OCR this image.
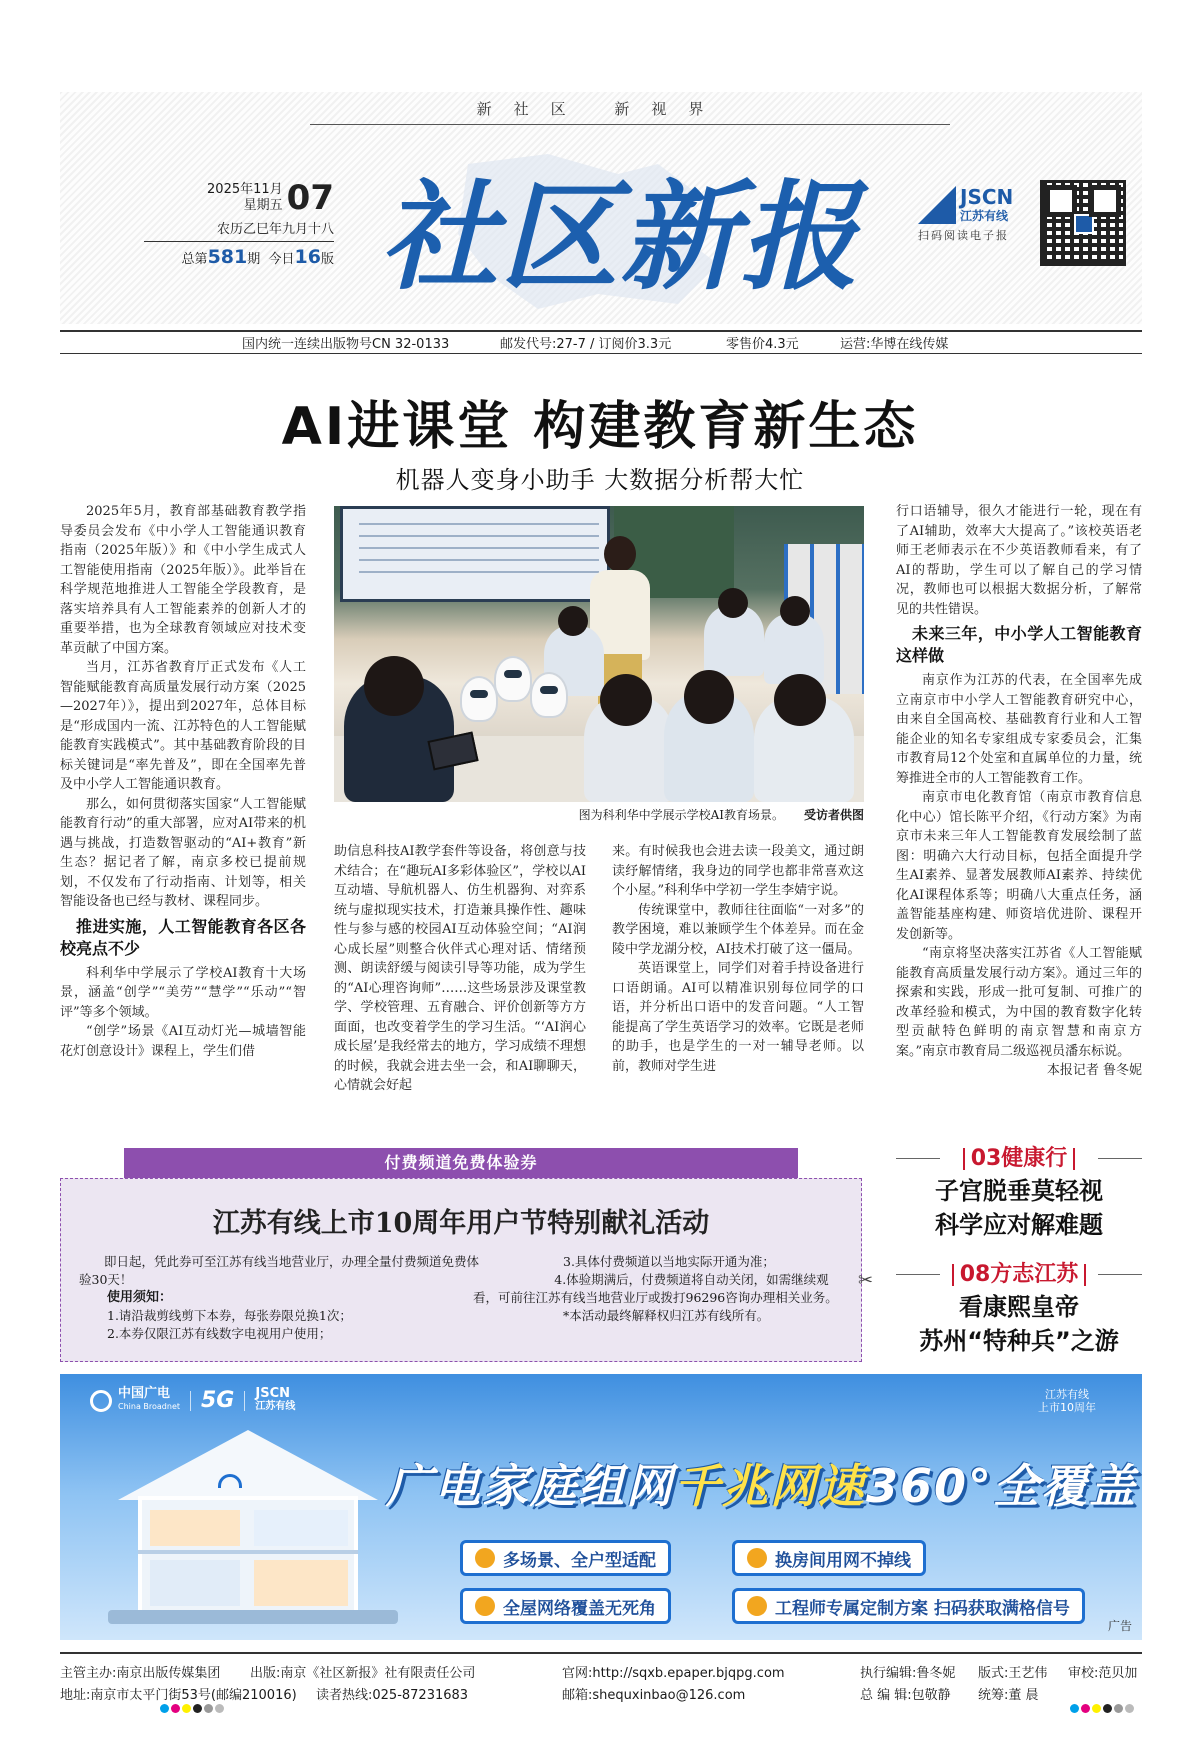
新社区 新视界
2025年11月
星期五 07
农历乙巳年九月十八
总第581期 今日16版 社区新报	JSCN
江苏有线
扫码阅读电子报
国内统一连续出版物号CN 32-0133	邮发代号:27-7 / 订阅价3.3元	零售价4.3元	运营:华博在线传媒
AI进课堂 构建教育新生态
机器人变身小助手 大数据分析帮大忙

2025年5月，教育部基础教育教学指导委员会发布《中小学人工智能通识教育指南（2025年版）》和《中小学生成式人工智能使用指南（2025年版）》。此举旨在科学规范地推进人工智能全学段教育，是落实培养具有人工智能素养的创新人才的重要举措，也为全球教育领域应对技术变革贡献了中国方案。

当月，江苏省教育厅正式发布《人工智能赋能教育高质量发展行动方案（2025—2027年）》，提出到2027年，总体目标是“形成国内一流、江苏特色的人工智能赋能教育实践模式”。其中基础教育阶段的目标关键词是“率先普及”，即在全国率先普及中小学人工智能通识教育。

那么，如何贯彻落实国家“人工智能赋能教育行动”的重大部署，应对AI带来的机遇与挑战，打造数智驱动的“AI+教育”新生态？据记者了解，南京多校已提前规划，不仅发布了行动指南、计划等，相关智能设备也已经与教材、课程同步。

推进实施，人工智能教育各区各校亮点不少

科利华中学展示了学校AI教育十大场景，涵盖“创学”“美劳”“慧学”“乐动”“智评”等多个领域。

“创学”场景《AI互动灯光—城墙智能花灯创意设计》课程上，学生们借

图为科利华中学展示学校AI教育场景。 受访者供图
助信息科技AI教学套件等设备，将创意与技术结合；在“趣玩AI多彩体验区”，学校以AI互动墙、导航机器人、仿生机器狗、对弈系统与虚拟现实技术，打造兼具操作性、趣味性与参与感的校园AI互动体验空间；“AI润心成长屋”则整合伙伴式心理对话、情绪预测、朗读舒缓与阅读引导等功能，成为学生的“AI心理咨询师”……这些场景涉及课堂教学、学校管理、五育融合、评价创新等方方面面，也改变着学生的学习生活。“‘AI润心成长屋’是我经常去的地方，学习成绩不理想的时候，我就会进去坐一会，和AI聊聊天，心情就会好起
来。有时候我也会进去读一段美文，通过朗读纾解情绪，我身边的同学也都非常喜欢这个小屋。”科利华中学初一学生李婧宇说。

传统课堂中，教师往往面临“一对多”的教学困境，难以兼顾学生个体差异。而在金陵中学龙湖分校，AI技术打破了这一僵局。

英语课堂上，同学们对着手持设备进行口语朗诵。AI可以精准识别每位同学的口语，并分析出口语中的发音问题。“人工智能提高了学生英语学习的效率。它既是老师的助手，也是学生的一对一辅导老师。以前，教师对学生进

行口语辅导，很久才能进行一轮，现在有了AI辅助，效率大大提高了。”该校英语老师王老师表示在不少英语教师看来，有了AI的帮助，学生可以了解自己的学习情况，教师也可以根据大数据分析，了解常见的共性错误。
未来三年，中小学人工智能教育这样做

南京作为江苏的代表，在全国率先成立南京市中小学人工智能教育研究中心，由来自全国高校、基础教育行业和人工智能企业的知名专家组成专家委员会，汇集市教育局12个处室和直属单位的力量，统筹推进全市的人工智能教育工作。

南京市电化教育馆（南京市教育信息化中心）馆长陈平介绍，《行动方案》为南京市未来三年人工智能教育发展绘制了蓝图：明确六大行动目标，包括全面提升学生AI素养、显著发展教师AI素养、持续优化AI课程体系等；明确八大重点任务，涵盖智能基座构建、师资培优进阶、课程开发创新等。

“南京将坚决落实江苏省《人工智能赋能教育高质量发展行动方案》。通过三年的探索和实践，形成一批可复制、可推广的改革经验和模式，为中国的教育数字化转型贡献特色鲜明的南京智慧和南京方案。”南京市教育局二级巡视员潘东标说。

本报记者 鲁冬妮
付费频道免费体验券
江苏有线上市10周年用户节特别献礼活动
即日起，凭此券可至江苏有线当地营业厅，办理全量付费频道免费体验30天！
使用须知：
1.请沿裁剪线剪下本券，每张券限兑换1次；
2.本券仅限江苏有线数字电视用户使用；
3.具体付费频道以当地实际开通为准；
4.体验期满后，付费频道将自动关闭，如需继续观看，可前往江苏有线当地营业厅或拨打96296咨询办理相关业务。
*本活动最终解释权归江苏有线所有。
✂
03健康行
子宫脱垂莫轻视
科学应对解难题
08方志江苏
看康熙皇帝
苏州“特种兵”之游
中国广电
China Broadnet 5G JSCN
江苏有线
江苏有线
上市10周年
广电家庭组网千兆网速360°全覆盖
多场景、全户型适配	换房间用网不掉线
全屋网络覆盖无死角	工程师专属定制方案 扫码获取满格信号
广告
主管主办:南京出版传媒集团 出版:南京《社区新报》社有限责任公司	官网:http://sqxb.epaper.bjqpg.com	执行编辑:鲁冬妮 版式:王艺伟 审校:范贝加
地址:南京市太平门街53号(邮编210016) 读者热线:025-87231683	邮箱:shequxinbao@126.com	总 编 辑:包敬静 统筹:董 晨
